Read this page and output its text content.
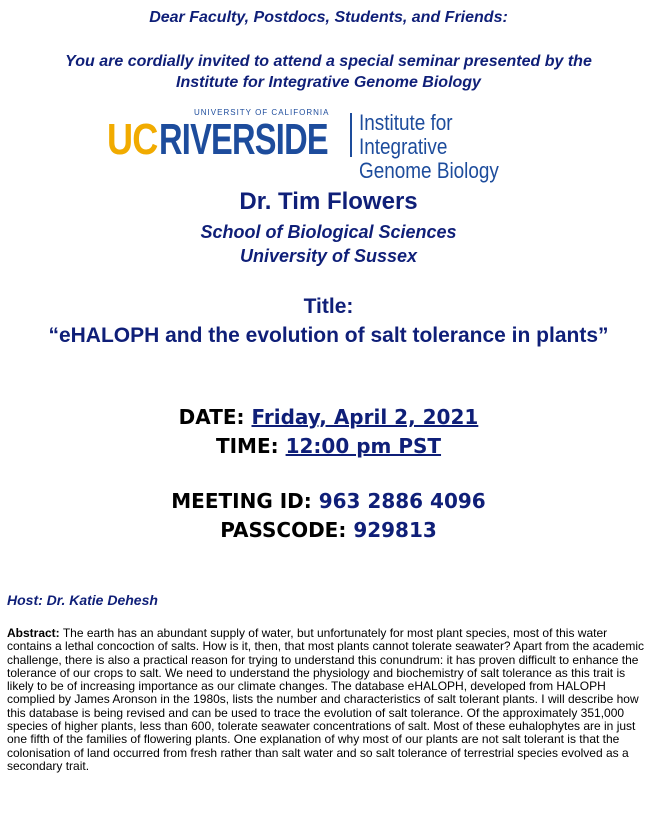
Dear Faculty, Postdocs, Students, and Friends:
You are cordially invited to attend a special seminar presented by the
Institute for Integrative Genome Biology
UC
UNIVERSITY OF CALIFORNIA
RIVERSIDE Institute for Integrative
Genome Biology
Dr. Tim Flowers
School of Biological Sciences
University of Sussex
Title:
“eHALOPH and the evolution of salt tolerance in plants”
DATE: Friday, April 2, 2021
TIME: 12:00 pm PST
MEETING ID: 963 2886 4096
PASSCODE: 929813
Host: Dr. Katie Dehesh
Abstract: The earth has an abundant supply of water, but unfortunately for most plant species, most of this water contains a lethal concoction of salts. How is it, then, that most plants cannot tolerate seawater? Apart from the academic challenge, there is also a practical reason for trying to understand this conundrum: it has proven difficult to enhance the tolerance of our crops to salt. We need to understand the physiology and biochemistry of salt tolerance as this trait is likely to be of increasing importance as our climate changes. The database eHALOPH, developed from HALOPH complied by James Aronson in the 1980s, lists the number and characteristics of salt tolerant plants. I will describe how this database is being revised and can be used to trace the evolution of salt tolerance. Of the approximately 351,000 species of higher plants, less than 600, tolerate seawater concentrations of salt. Most of these euhalophytes are in just one fifth of the families of flowering plants. One explanation of why most of our plants are not salt tolerant is that the colonisation of land occurred from fresh rather than salt water and so salt tolerance of terrestrial species evolved as a secondary trait.
